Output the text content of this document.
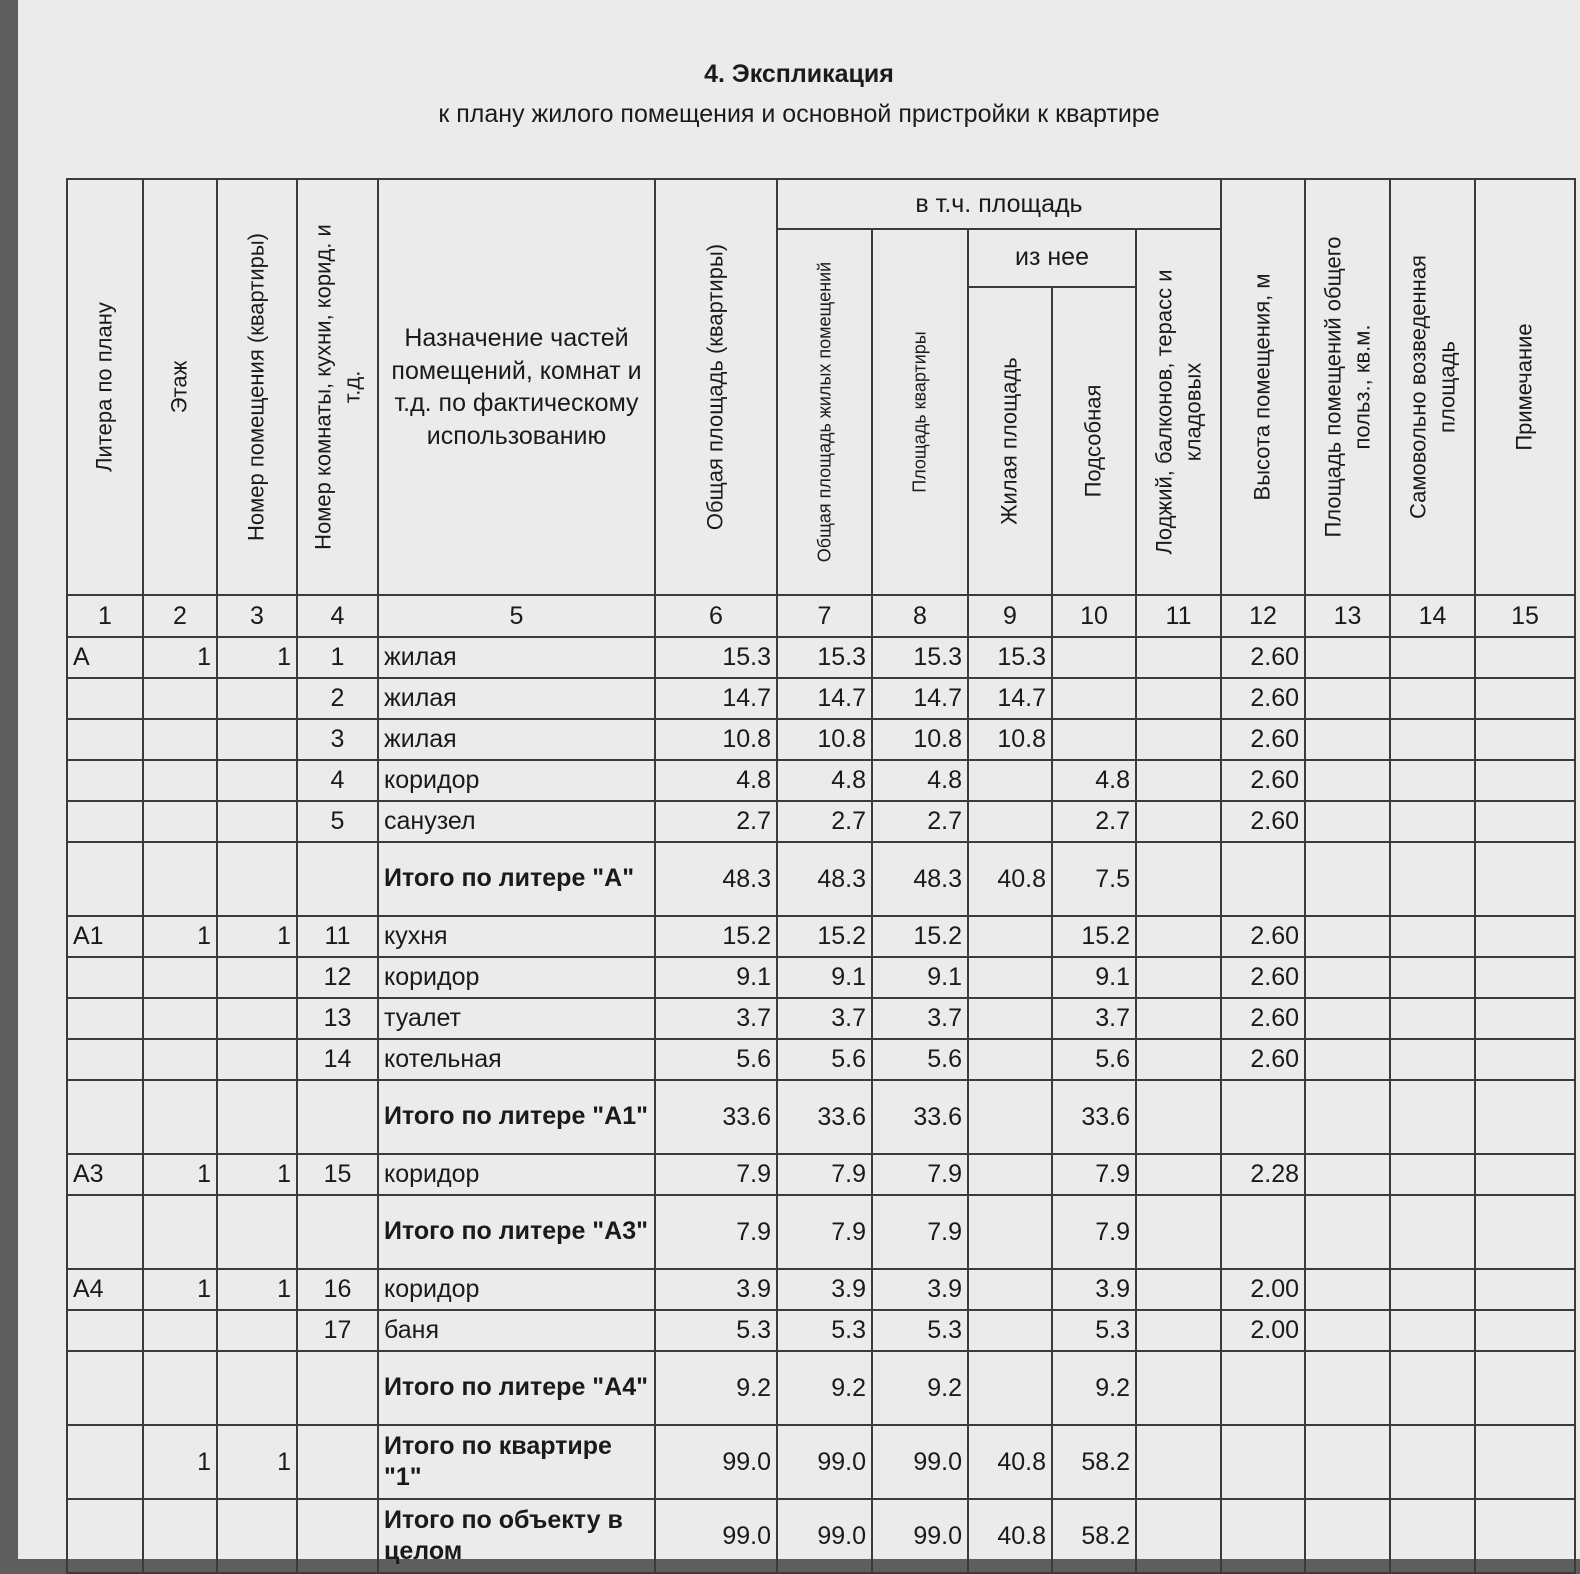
4. Экспликация
к плану жилого помещения и основной пристройки к квартире
Литера по плану	Этаж	Номер помещения (квартиры)	Номер комнаты, кухни, корид. и т.д.	Назначение частей помещений, комнат и т.д. по фактическому использованию	Общая площадь (квартиры)	в т.ч. площадь					Высота помещения, м	Площадь помещений общего польз., кв.м.	Самовольно возведенная площадь	Примечание

						Общая площадь жилых помещений	Площадь квартиры	из нее		Лоджий, балконов, терасс и кладовых				

								Жилая площадь	Подсобная					

1	2	3	4	5	6	7	8	9	10	11	12	13	14	15
А	1	1	1	жилая	15.3	15.3	15.3	15.3			2.60			
			2	жилая	14.7	14.7	14.7	14.7			2.60			
			3	жилая	10.8	10.8	10.8	10.8			2.60			
			4	коридор	4.8	4.8	4.8		4.8		2.60			
			5	санузел	2.7	2.7	2.7		2.7		2.60			
				Итого по литере "А"	48.3	48.3	48.3	40.8	7.5					
А1	1	1	11	кухня	15.2	15.2	15.2		15.2		2.60			
			12	коридор	9.1	9.1	9.1		9.1		2.60			
			13	туалет	3.7	3.7	3.7		3.7		2.60			
			14	котельная	5.6	5.6	5.6		5.6		2.60			
				Итого по литере "А1"	33.6	33.6	33.6		33.6					
А3	1	1	15	коридор	7.9	7.9	7.9		7.9		2.28			
				Итого по литере "А3"	7.9	7.9	7.9		7.9					
А4	1	1	16	коридор	3.9	3.9	3.9		3.9		2.00			
			17	баня	5.3	5.3	5.3		5.3		2.00			
				Итого по литере "А4"	9.2	9.2	9.2		9.2					
	1	1		Итого по квартире "1"	99.0	99.0	99.0	40.8	58.2					
				Итого по объекту в целом	99.0	99.0	99.0	40.8	58.2					
